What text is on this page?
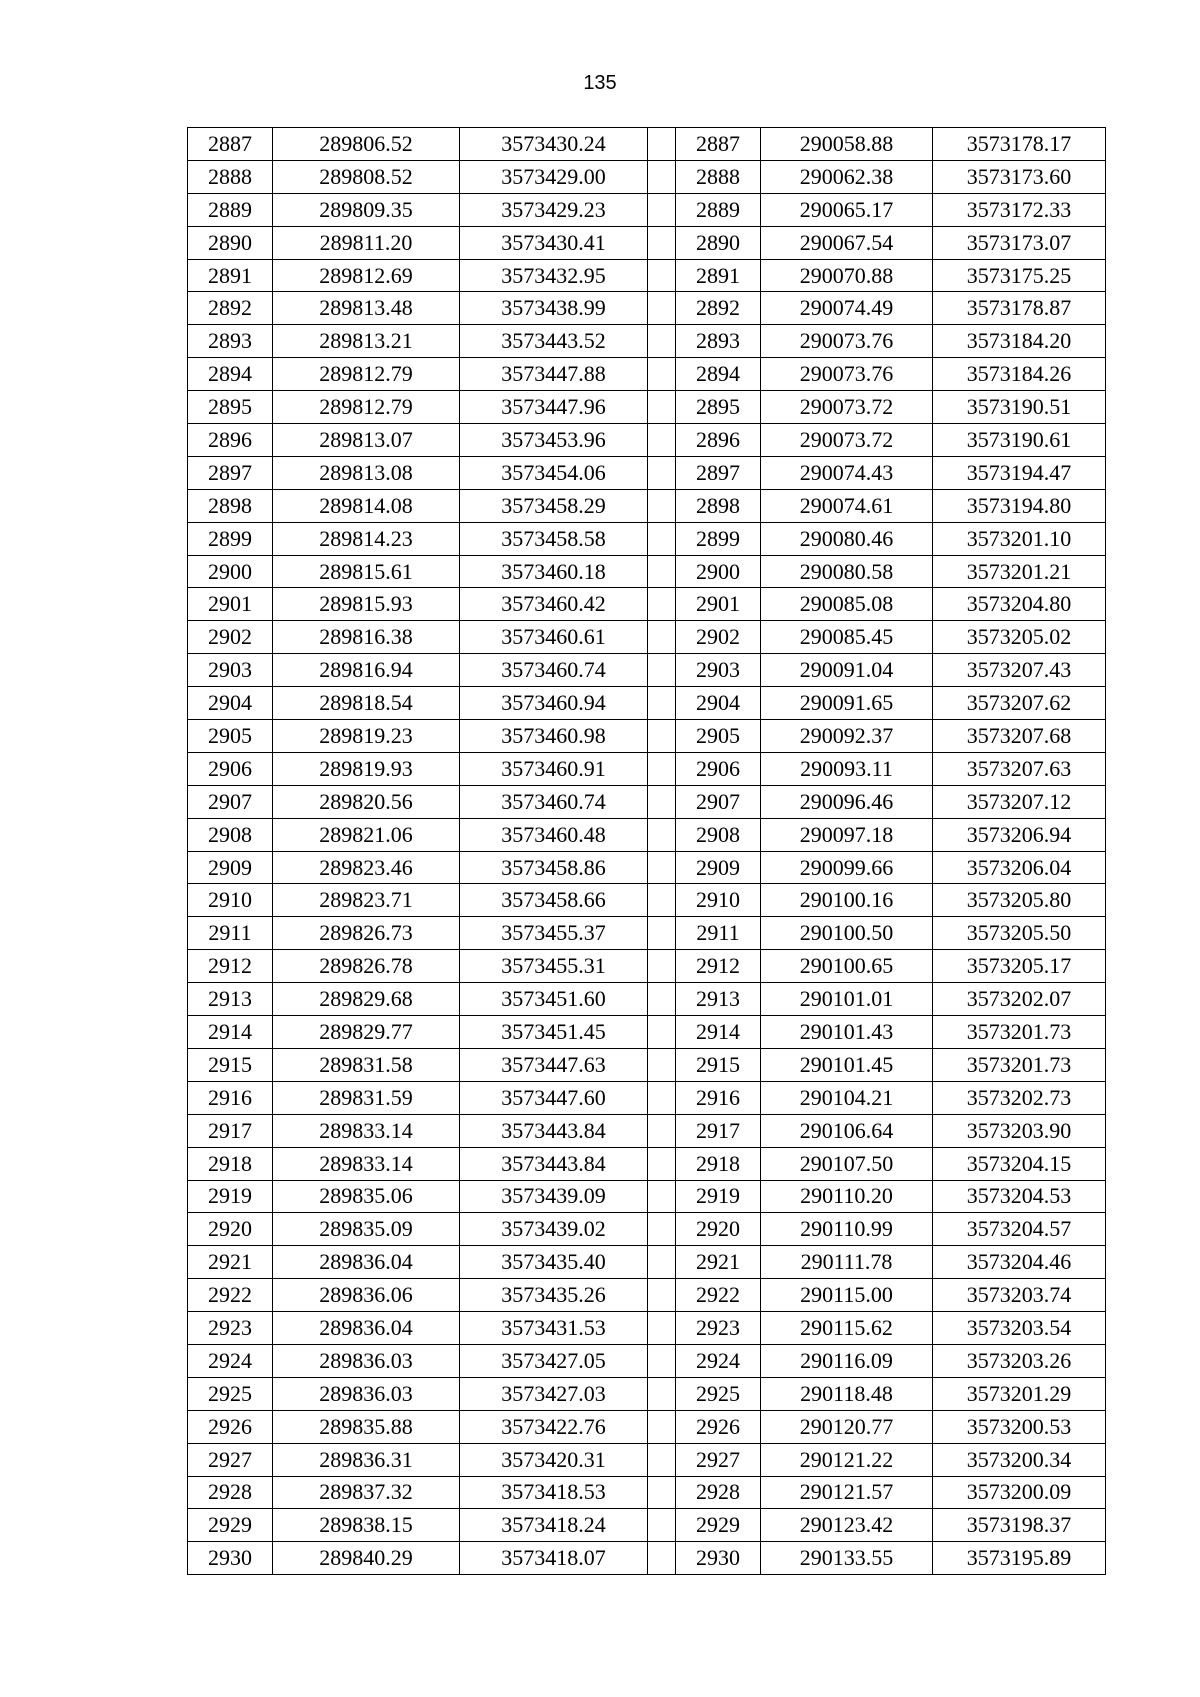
135
2887	289806.52	3573430.24		2887	290058.88	3573178.17
2888	289808.52	3573429.00		2888	290062.38	3573173.60
2889	289809.35	3573429.23		2889	290065.17	3573172.33
2890	289811.20	3573430.41		2890	290067.54	3573173.07
2891	289812.69	3573432.95		2891	290070.88	3573175.25
2892	289813.48	3573438.99		2892	290074.49	3573178.87
2893	289813.21	3573443.52		2893	290073.76	3573184.20
2894	289812.79	3573447.88		2894	290073.76	3573184.26
2895	289812.79	3573447.96		2895	290073.72	3573190.51
2896	289813.07	3573453.96		2896	290073.72	3573190.61
2897	289813.08	3573454.06		2897	290074.43	3573194.47
2898	289814.08	3573458.29		2898	290074.61	3573194.80
2899	289814.23	3573458.58		2899	290080.46	3573201.10
2900	289815.61	3573460.18		2900	290080.58	3573201.21
2901	289815.93	3573460.42		2901	290085.08	3573204.80
2902	289816.38	3573460.61		2902	290085.45	3573205.02
2903	289816.94	3573460.74		2903	290091.04	3573207.43
2904	289818.54	3573460.94		2904	290091.65	3573207.62
2905	289819.23	3573460.98		2905	290092.37	3573207.68
2906	289819.93	3573460.91		2906	290093.11	3573207.63
2907	289820.56	3573460.74		2907	290096.46	3573207.12
2908	289821.06	3573460.48		2908	290097.18	3573206.94
2909	289823.46	3573458.86		2909	290099.66	3573206.04
2910	289823.71	3573458.66		2910	290100.16	3573205.80
2911	289826.73	3573455.37		2911	290100.50	3573205.50
2912	289826.78	3573455.31		2912	290100.65	3573205.17
2913	289829.68	3573451.60		2913	290101.01	3573202.07
2914	289829.77	3573451.45		2914	290101.43	3573201.73
2915	289831.58	3573447.63		2915	290101.45	3573201.73
2916	289831.59	3573447.60		2916	290104.21	3573202.73
2917	289833.14	3573443.84		2917	290106.64	3573203.90
2918	289833.14	3573443.84		2918	290107.50	3573204.15
2919	289835.06	3573439.09		2919	290110.20	3573204.53
2920	289835.09	3573439.02		2920	290110.99	3573204.57
2921	289836.04	3573435.40		2921	290111.78	3573204.46
2922	289836.06	3573435.26		2922	290115.00	3573203.74
2923	289836.04	3573431.53		2923	290115.62	3573203.54
2924	289836.03	3573427.05		2924	290116.09	3573203.26
2925	289836.03	3573427.03		2925	290118.48	3573201.29
2926	289835.88	3573422.76		2926	290120.77	3573200.53
2927	289836.31	3573420.31		2927	290121.22	3573200.34
2928	289837.32	3573418.53		2928	290121.57	3573200.09
2929	289838.15	3573418.24		2929	290123.42	3573198.37
2930	289840.29	3573418.07		2930	290133.55	3573195.89
